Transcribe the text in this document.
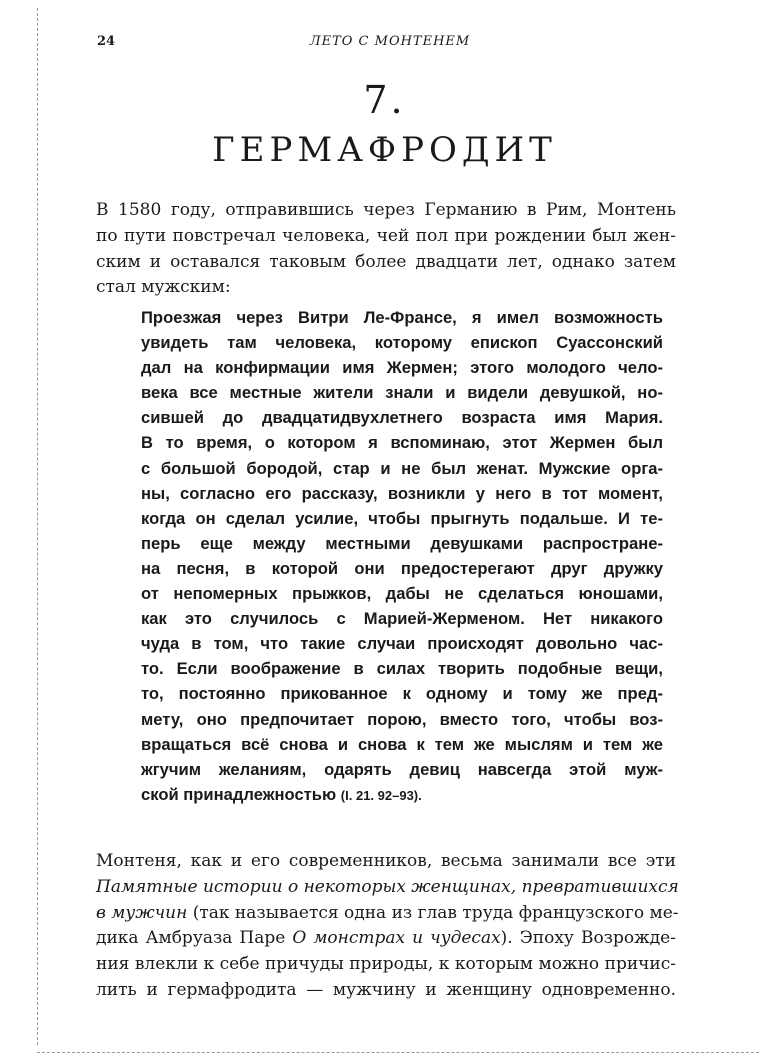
24	ЛЕТО С МОНТЕНЕМ
7.
ГЕРМАФРОДИТ
В 1580 году, отправившись через Германию в Рим, Монтень
по пути повстречал человека, чей пол при рождении был жен-
ским и оставался таковым более двадцати лет, однако затем
стал мужским:
Проезжая через Витри Ле-Франсе, я имел возможность
увидеть там человека, которому епископ Суассонский
дал на конфирмации имя Жермен; этого молодого чело-
века все местные жители знали и видели девушкой, но-
сившей до двадцатидвухлетнего возраста имя Мария.
В то время, о котором я вспоминаю, этот Жермен был
с большой бородой, стар и не был женат. Мужские орга-
ны, согласно его рассказу, возникли у него в тот момент,
когда он сделал усилие, чтобы прыгнуть подальше. И те-
перь еще между местными девушками распростране-
на песня, в которой они предостерегают друг дружку
от непомерных прыжков, дабы не сделаться юношами,
как это случилось с Марией-Жерменом. Нет никакого
чуда в том, что такие случаи происходят довольно час-
то. Если воображение в силах творить подобные вещи,
то, постоянно прикованное к одному и тому же пред-
мету, оно предпочитает порою, вместо того, чтобы воз-
вращаться всё снова и снова к тем же мыслям и тем же
жгучим желаниям, одарять девиц навсегда этой муж-
ской принадлежностью (I. 21. 92–93).
Монтеня, как и его современников, весьма занимали все эти
Памятные истории о некоторых женщинах, превратившихся
в мужчин (так называется одна из глав труда французского ме-
дика Амбруаза Паре О монстрах и чудесах). Эпоху Возрожде-
ния влекли к себе причуды природы, к которым можно причис-
лить и гермафродита — мужчину и женщину одновременно.
